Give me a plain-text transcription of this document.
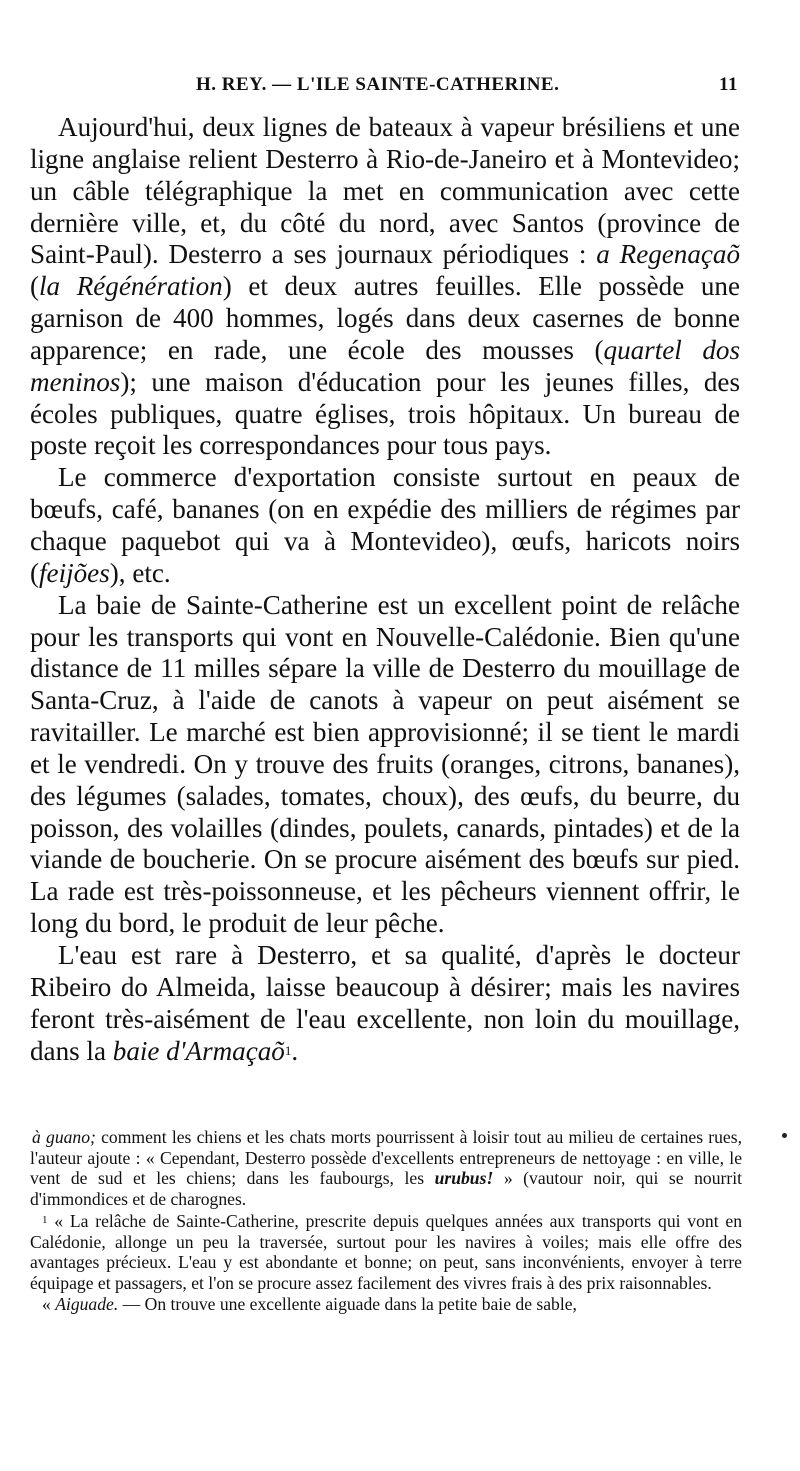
H. REY. — L'ILE SAINTE-CATHERINE.	11

Aujourd'hui, deux lignes de bateaux à vapeur brésiliens et une ligne anglaise relient Desterro à Rio-de-Janeiro et à Montevideo; un câble télégraphique la met en communication avec cette dernière ville, et, du côté du nord, avec Santos (province de Saint-Paul). Desterro a ses journaux périodiques : a Regenaçaõ (la Régénération) et deux autres feuilles. Elle possède une garnison de 400 hommes, logés dans deux casernes de bonne apparence; en rade, une école des mousses (quartel dos meninos); une maison d'éducation pour les jeunes filles, des écoles publiques, quatre églises, trois hôpitaux. Un bureau de poste reçoit les correspondances pour tous pays.

Le commerce d'exportation consiste surtout en peaux de bœufs, café, bananes (on en expédie des milliers de régimes par chaque paquebot qui va à Montevideo), œufs, haricots noirs (feijões), etc.

La baie de Sainte-Catherine est un excellent point de relâche pour les transports qui vont en Nouvelle-Calédonie. Bien qu'une distance de 11 milles sépare la ville de Desterro du mouillage de Santa-Cruz, à l'aide de canots à vapeur on peut aisément se ravitailler. Le marché est bien approvisionné; il se tient le mardi et le vendredi. On y trouve des fruits (oranges, citrons, bananes), des légumes (salades, tomates, choux), des œufs, du beurre, du poisson, des volailles (dindes, poulets, canards, pintades) et de la viande de boucherie. On se procure aisément des bœufs sur pied. La rade est très-poissonneuse, et les pêcheurs viennent offrir, le long du bord, le produit de leur pêche.

L'eau est rare à Desterro, et sa qualité, d'après le docteur Ribeiro do Almeida, laisse beaucoup à désirer; mais les navires feront très-aisément de l'eau excellente, non loin du mouillage, dans la baie d'Armaçaõ$^1$.

à guano; comment les chiens et les chats morts pourrissent à loisir tout au milieu de certaines rues, l'auteur ajoute : « Cependant, Desterro possède d'excellents entrepreneurs de nettoyage : en ville, le vent de sud et les chiens; dans les faubourgs, les urubus! » (vautour noir, qui se nourrit d'immondices et de charognes.

$^1$ « La relâche de Sainte-Catherine, prescrite depuis quelques années aux transports qui vont en Calédonie, allonge un peu la traversée, surtout pour les navires à voiles; mais elle offre des avantages précieux. L'eau y est abondante et bonne; on peut, sans inconvénients, envoyer à terre équipage et passagers, et l'on se procure assez facilement des vivres frais à des prix raisonnables.

« Aiguade. — On trouve une excellente aiguade dans la petite baie de sable,
